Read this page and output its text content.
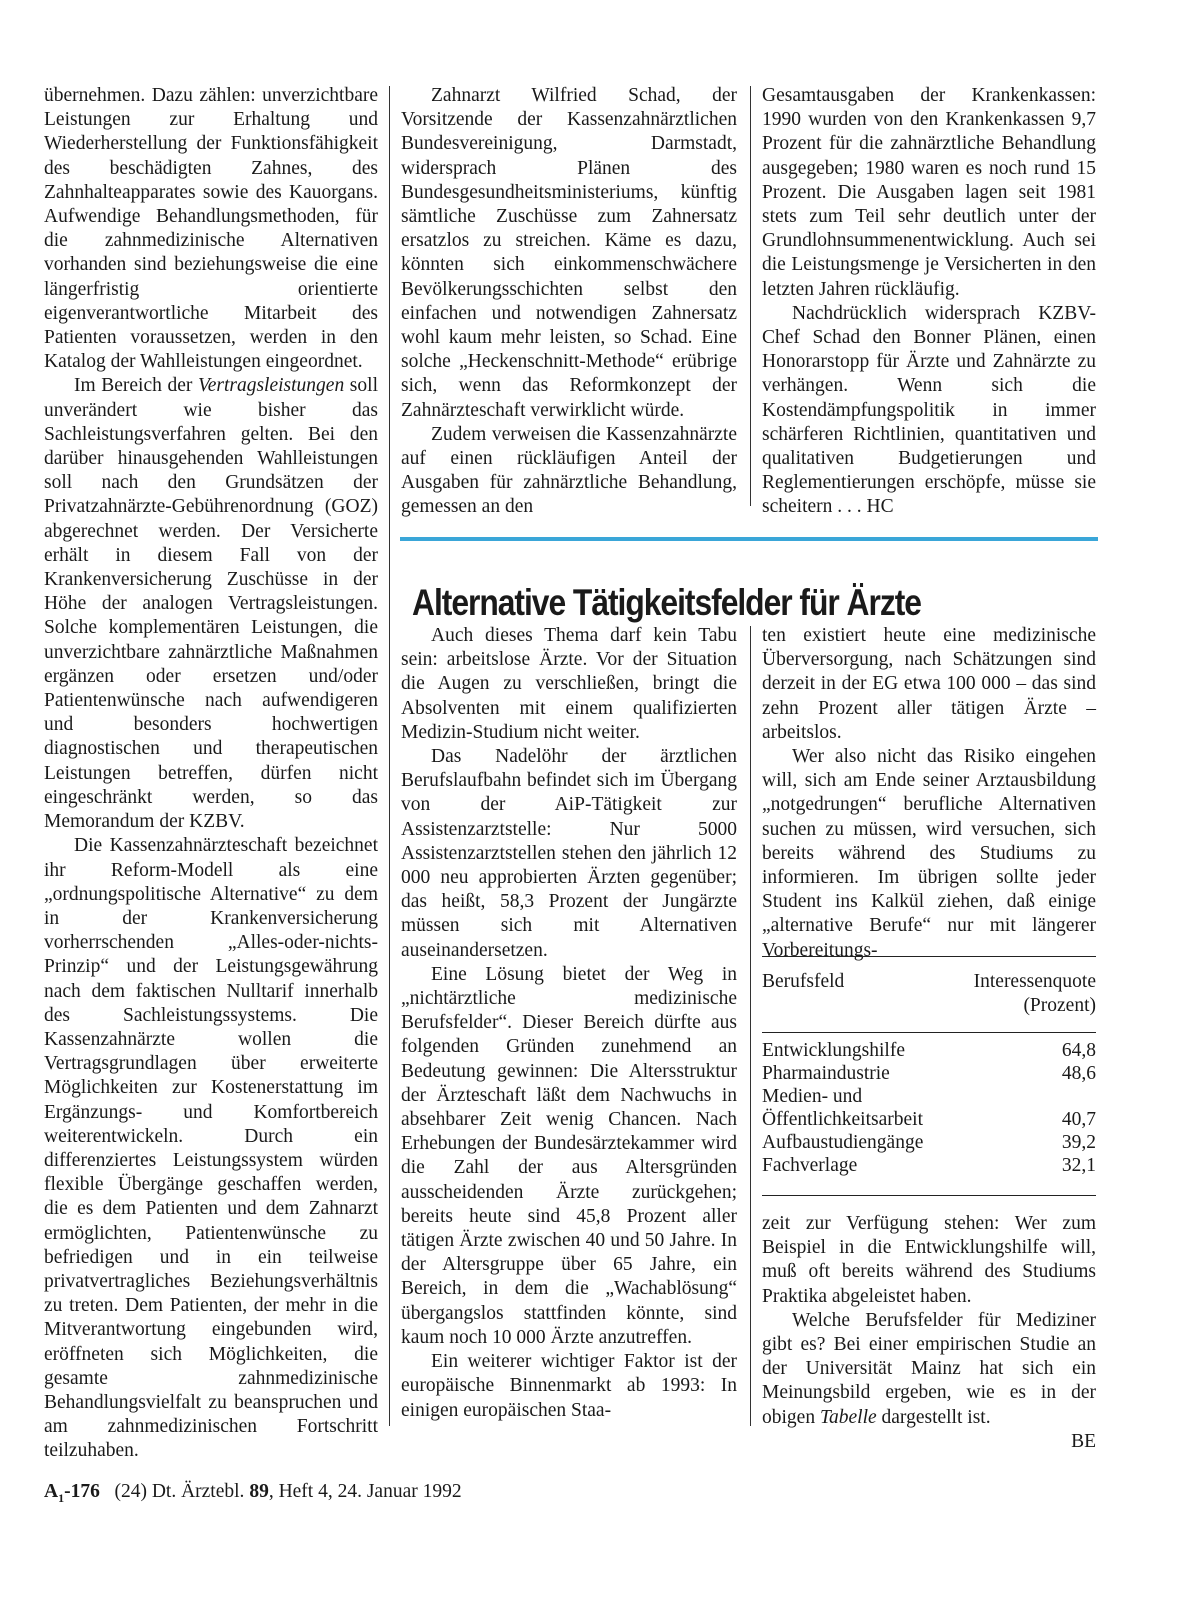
übernehmen. Dazu zählen: unverzichtbare Leistungen zur Erhaltung und Wiederherstellung der Funktionsfähigkeit des beschädigten Zahnes, des Zahnhalteapparates sowie des Kauorgans. Aufwendige Behandlungsmethoden, für die zahnmedizinische Alternativen vorhanden sind beziehungsweise die eine längerfristig orientierte eigenverantwortliche Mitarbeit des Patienten voraussetzen, werden in den Katalog der Wahlleistungen eingeordnet.

Im Bereich der Vertragsleistungen soll unverändert wie bisher das Sachleistungsverfahren gelten. Bei den darüber hinausgehenden Wahlleistungen soll nach den Grundsätzen der Privatzahnärzte-Gebührenordnung (GOZ) abgerechnet werden. Der Versicherte erhält in diesem Fall von der Krankenversicherung Zuschüsse in der Höhe der analogen Vertragsleistungen. Solche komplementären Leistungen, die unverzichtbare zahnärztliche Maßnahmen ergänzen oder ersetzen und/oder Patientenwünsche nach aufwendigeren und besonders hochwertigen diagnostischen und therapeutischen Leistungen betreffen, dürfen nicht eingeschränkt werden, so das Memorandum der KZBV.

Die Kassenzahnärzteschaft bezeichnet ihr Reform-Modell als eine „ordnungspolitische Alternative“ zu dem in der Krankenversicherung vorherrschenden „Alles-oder-nichts-Prinzip“ und der Leistungsgewährung nach dem faktischen Nulltarif innerhalb des Sachleistungssystems. Die Kassenzahnärzte wollen die Vertragsgrundlagen über erweiterte Möglichkeiten zur Kostenerstattung im Ergänzungs- und Komfortbereich weiterentwickeln. Durch ein differenziertes Leistungssystem würden flexible Übergänge geschaffen werden, die es dem Patienten und dem Zahnarzt ermöglichten, Patientenwünsche zu befriedigen und in ein teilweise privatvertragliches Beziehungsverhältnis zu treten. Dem Patienten, der mehr in die Mitverantwortung eingebunden wird, eröffneten sich Möglichkeiten, die gesamte zahnmedizinische Behandlungsvielfalt zu beanspruchen und am zahnmedizinischen Fortschritt teilzuhaben.

Zahnarzt Wilfried Schad, der Vorsitzende der Kassenzahnärztlichen Bundesvereinigung, Darmstadt, widersprach Plänen des Bundesgesundheitsministeriums, künftig sämtliche Zuschüsse zum Zahnersatz ersatzlos zu streichen. Käme es dazu, könnten sich einkommenschwächere Bevölkerungsschichten selbst den einfachen und notwendigen Zahnersatz wohl kaum mehr leisten, so Schad. Eine solche „Heckenschnitt-Methode“ erübrige sich, wenn das Reformkonzept der Zahnärzteschaft verwirklicht würde.

Zudem verweisen die Kassenzahnärzte auf einen rückläufigen Anteil der Ausgaben für zahnärztliche Behandlung, gemessen an den

Gesamtausgaben der Krankenkassen: 1990 wurden von den Krankenkassen 9,7 Prozent für die zahnärztliche Behandlung ausgegeben; 1980 waren es noch rund 15 Prozent. Die Ausgaben lagen seit 1981 stets zum Teil sehr deutlich unter der Grundlohnsummenentwicklung. Auch sei die Leistungsmenge je Versicherten in den letzten Jahren rückläufig.

Nachdrücklich widersprach KZBV-Chef Schad den Bonner Plänen, einen Honorarstopp für Ärzte und Zahnärzte zu verhängen. Wenn sich die Kostendämpfungspolitik in immer schärferen Richtlinien, quantitativen und qualitativen Budgetierungen und Reglementierungen erschöpfe, müsse sie scheitern . . . HC

Alternative Tätigkeitsfelder für Ärzte

Auch dieses Thema darf kein Tabu sein: arbeitslose Ärzte. Vor der Situation die Augen zu verschließen, bringt die Absolventen mit einem qualifizierten Medizin-Studium nicht weiter.

Das Nadelöhr der ärztlichen Berufslaufbahn befindet sich im Übergang von der AiP-Tätigkeit zur Assistenzarztstelle: Nur 5000 Assistenzarztstellen stehen den jährlich 12 000 neu approbierten Ärzten gegenüber; das heißt, 58,3 Prozent der Jungärzte müssen sich mit Alternativen auseinandersetzen.

Eine Lösung bietet der Weg in „nichtärztliche medizinische Berufsfelder“. Dieser Bereich dürfte aus folgenden Gründen zunehmend an Bedeutung gewinnen: Die Altersstruktur der Ärzteschaft läßt dem Nachwuchs in absehbarer Zeit wenig Chancen. Nach Erhebungen der Bundesärztekammer wird die Zahl der aus Altersgründen ausscheidenden Ärzte zurückgehen; bereits heute sind 45,8 Prozent aller tätigen Ärzte zwischen 40 und 50 Jahre. In der Altersgruppe über 65 Jahre, ein Bereich, in dem die „Wachablösung“ übergangslos stattfinden könnte, sind kaum noch 10 000 Ärzte anzutreffen.

Ein weiterer wichtiger Faktor ist der europäische Binnenmarkt ab 1993: In einigen europäischen Staa-

ten existiert heute eine medizinische Überversorgung, nach Schätzungen sind derzeit in der EG etwa 100 000 – das sind zehn Prozent aller tätigen Ärzte – arbeitslos.

Wer also nicht das Risiko eingehen will, sich am Ende seiner Arztausbildung „notgedrungen“ berufliche Alternativen suchen zu müssen, wird versuchen, sich bereits während des Studiums zu informieren. Im übrigen sollte jeder Student ins Kalkül ziehen, daß einige „alternative Berufe“ nur mit längerer Vorbereitungs-

Berufsfeld	Interessenquote
(Prozent)
Entwicklungshilfe	64,8
Pharmaindustrie	48,6
Medien- und	
Öffentlichkeitsarbeit	40,7
Aufbaustudiengänge	39,2
Fachverlage	32,1

zeit zur Verfügung stehen: Wer zum Beispiel in die Entwicklungshilfe will, muß oft bereits während des Studiums Praktika abgeleistet haben.

Welche Berufsfelder für Mediziner gibt es? Bei einer empirischen Studie an der Universität Mainz hat sich ein Meinungsbild ergeben, wie es in der obigen Tabelle dargestellt ist.

BE

$A_1-176$ (24) Dt. Ärztebl. 89, Heft 4, 24. Januar 1992
